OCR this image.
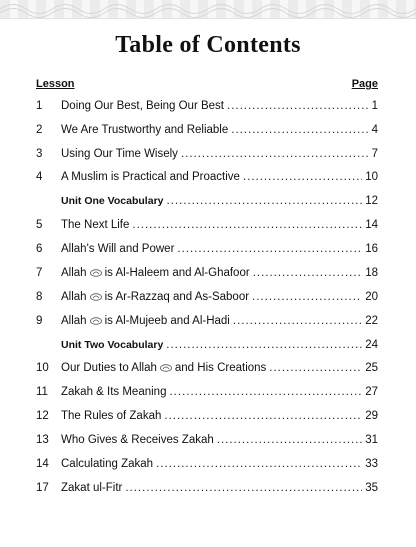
Table of Contents
Lesson	Page
1	Doing Our Best, Being Our Best .....	1
2	We Are Trustworthy and Reliable .....	4
3	Using Our Time Wisely .....	7
4	A Muslim is Practical and Proactive .....	10
Unit One Vocabulary .....	12
5	The Next Life .....	14
6	Allah's Will and Power .....	16
7	Allah is Al-Haleem and Al-Ghafoor .....	18
8	Allah is Ar-Razzaq and As-Saboor .....	20
9	Allah is Al-Mujeeb and Al-Hadi .....	22
Unit Two Vocabulary .....	24
10	Our Duties to Allah and His Creations .....	25
11	Zakah & Its Meaning .....	27
12	The Rules of Zakah .....	29
13	Who Gives & Receives Zakah .....	31
14	Calculating Zakah .....	33
17	Zakat ul-Fitr .....	35
